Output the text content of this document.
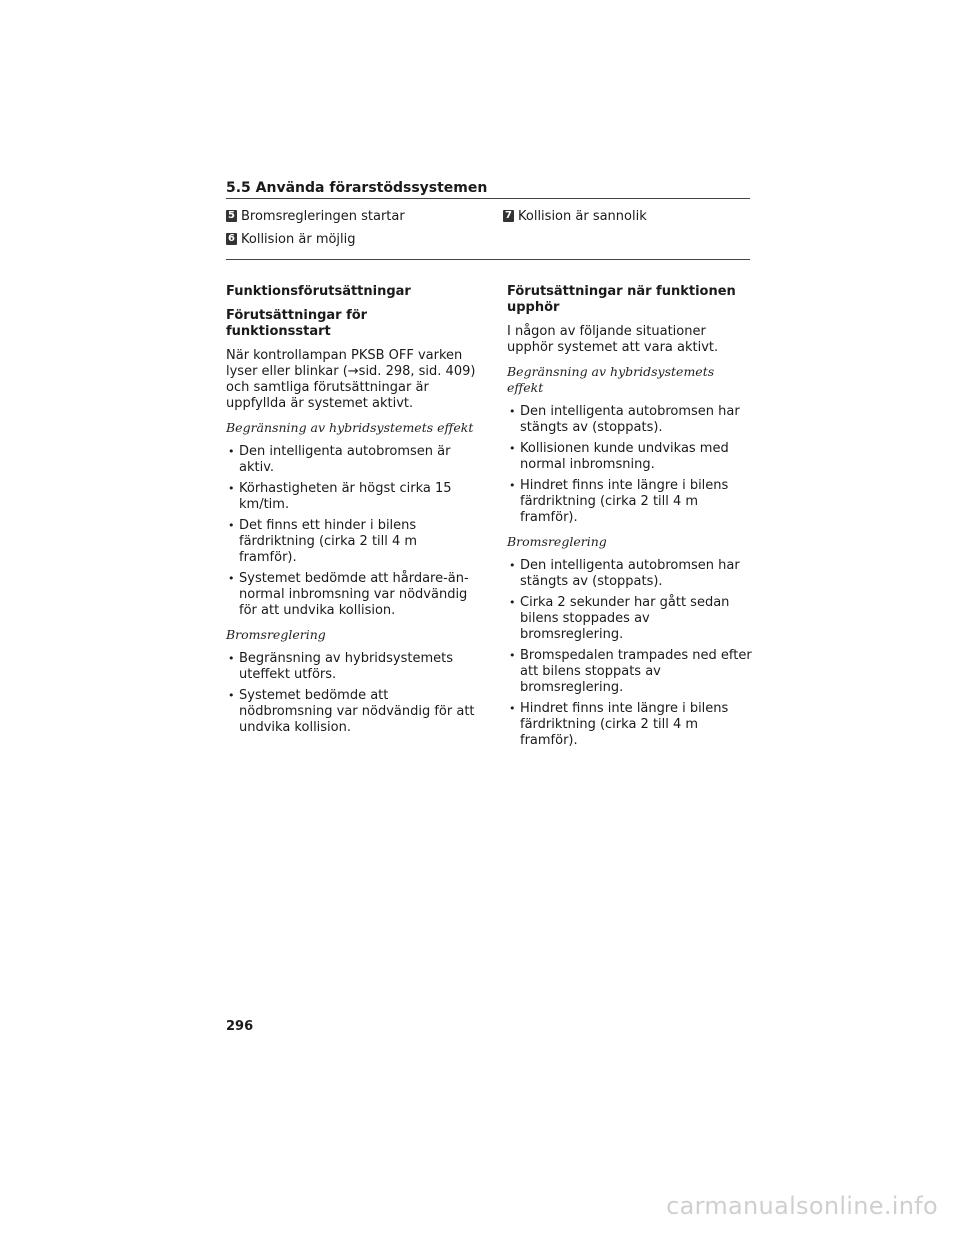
5.5 Använda förarstödssystemen
5 Bromsregleringen startar
6 Kollision är möjlig
7 Kollision är sannolik

Funktionsförutsättningar

Förutsättningar för funktionsstart

När kontrollampan PKSB OFF varken lyser eller blinkar (→sid. 298, sid. 409) och samtliga förutsättningar är uppfyllda är systemet aktivt.

Begränsning av hybridsystemets effekt

• Den intelligenta autobromsen är aktiv.
• Körhastigheten är högst cirka 15 km/tim.
• Det finns ett hinder i bilens färdriktning (cirka 2 till 4 m framför).
• Systemet bedömde att hårdare-än-normal inbromsning var nödvändig för att undvika kollision.

Bromsreglering

• Begränsning av hybridsystemets uteffekt utförs.
• Systemet bedömde att nödbromsning var nödvändig för att undvika kollision.

Förutsättningar när funktionen upphör

I någon av följande situationer upphör systemet att vara aktivt.

Begränsning av hybridsystemets effekt

• Den intelligenta autobromsen har stängts av (stoppats).
• Kollisionen kunde undvikas med normal inbromsning.
• Hindret finns inte längre i bilens färdriktning (cirka 2 till 4 m framför).

Bromsreglering

• Den intelligenta autobromsen har stängts av (stoppats).
• Cirka 2 sekunder har gått sedan bilens stoppades av bromsreglering.
• Bromspedalen trampades ned efter att bilens stoppats av bromsreglering.
• Hindret finns inte längre i bilens färdriktning (cirka 2 till 4 m framför).
296
carmanualsonline.info
